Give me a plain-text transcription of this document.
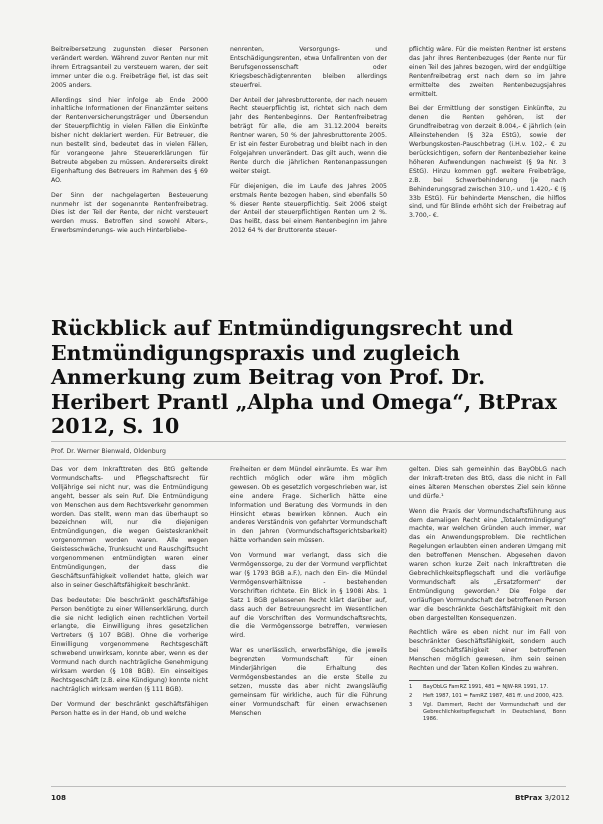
Beitreibersetzung zugunsten dieser Personen verändert werden. Während zuvor Renten nur mit ihrem Ertragsanteil zu versteuern waren, der seit immer unter die o.g. Freibeträge fiel, ist das seit 2005 anders.

Allerdings sind hier infolge ab Ende 2000 inhaltliche Informationen der Finanzämter seitens der Rentenversicherungsträger und Übersendun der Steuerpflichtig in vielen Fällen die Einkünfte bisher nicht deklariert werden. Für Betreuer, die nun bestellt sind, bedeutet das in vielen Fällen, für vorangeone Jahre Steuererklärungen für Betreute abgeben zu müssen. Andererseits direkt Eigenhaftung des Betreuers im Rahmen des § 69 AO.

Der Sinn der nachgelagerten Besteuerung nunmehr ist der sogenannte Rentenfreibetrag. Dies ist der Teil der Rente, der nicht versteuert werden muss. Betroffen sind sowohl Alters-, Erwerbsminderungs- wie auch Hinterbliebe-

nenrenten, Versorgungs- und Entschädigungsrenten, etwa Unfallrenten von der Berufsgenossenschaft oder Kriegsbeschädigtenrenten bleiben allerdings steuerfrei.

Der Anteil der Jahresbruttorente, der nach neuem Recht steuerpflichtig ist, richtet sich nach dem Jahr des Rentenbeginns. Der Rentenfreibetrag beträgt für alle, die am 31.12.2004 bereits Rentner waren, 50 % der Jahresbruttorente 2005. Er ist ein fester Eurobetrag und bleibt nach in den Folgejahren unverändert. Das gilt auch, wenn die Rente durch die jährlichen Rentenanpassungen weiter steigt.

Für diejenigen, die im Laufe des Jahres 2005 erstmals Rente bezogen haben, sind ebenfalls 50 % dieser Rente steuerpflichtig. Seit 2006 steigt der Anteil der steuerpflichtigen Renten um 2 %. Das heißt, dass bei einem Rentenbeginn im Jahre 2012 64 % der Bruttorente steuer-

pflichtig wäre. Für die meisten Rentner ist erstens das Jahr ihres Rentenbezuges (der Rente nur für einen Teil des Jahres bezogen, wird der endgültige Rentenfreibetrag erst nach dem so im Jahre ermittelte des zweiten Rentenbezugsjahres ermittelt.

Bei der Ermittlung der sonstigen Einkünfte, zu denen die Renten gehören, ist der Grundfreibetrag von derzeit 8.004,- € jährlich (ein Alleinstehenden (§ 32a EStG), sowie der Werbungskosten-Pauschbetrag (i.H.v. 102,- € zu berücksichtigen, sofern der Rentenbezieher keine höheren Aufwendungen nachweist (§ 9a Nr. 3 EStG). Hinzu kommen ggf. weitere Freibeträge, z.B. bei Schwerbehinderung (je nach Behinderungsgrad zwischen 310,- und 1.420,- € (§ 33b EStG). Für behinderte Menschen, die hilflos sind, und für Blinde erhöht sich der Freibetrag auf 3.700,- €.

Rückblick auf Entmündigungsrecht und Entmündigungspraxis und zugleich Anmerkung zum Beitrag von Prof. Dr. Heribert Prantl „Alpha und Omega“, BtPrax 2012, S. 10
Prof. Dr. Werner Bienwald, Oldenburg

Das vor dem Inkrafttreten des BtG geltende Vormundschafts- und Pflegschaftsrecht für Volljährige sei nicht nur, was die Entmündigung angeht, besser als sein Ruf. Die Entmündigung von Menschen aus dem Rechtsverkehr genommen worden. Das stellt, wenn man das überhaupt so bezeichnen will, nur die diejenigen Entmündigungen, die wegen Geisteskrankheit vorgenommen worden waren. Alle wegen Geistesschwäche, Trunksucht und Rauschgiftsucht vorgenommenen entmündigten waren einer Entmündigungen, der dass die Geschäftsunfähigkeit vollendet hatte, gleich war also in seiner Geschäftsfähigkeit beschränkt.

Das bedeutete: Die beschränkt geschäftsfähige Person benötigte zu einer Willenserklärung, durch die sie nicht lediglich einen rechtlichen Vorteil erlangte, die Einwilligung ihres gesetzlichen Vertreters (§ 107 BGB). Ohne die vorherige Einwilligung vorgenommene Rechtsgeschäft schwebend unwirksam, konnte aber, wenn es der Vormund nach durch nachträgliche Genehmigung wirksam werden (§ 108 BGB). Ein einseitiges Rechtsgeschäft (z.B. eine Kündigung) konnte nicht nachträglich wirksam werden (§ 111 BGB).

Der Vormund der beschränkt geschäftsfähigen Person hatte es in der Hand, ob und welche

Freiheiten er dem Mündel einräumte. Es war ihm rechtlich möglich oder wäre ihm möglich gewesen. Ob es gesetzlich vorgeschrieben war, ist eine andere Frage. Sicherlich hätte eine Information und Beratung des Vormunds in den Hinsicht etwas bewirken können. Auch ein anderes Verständnis von gefahrter Vormundschaft in den Jahren (Vormundschaftsgerichtsbarkeit) hätte vorhanden sein müssen.

Von Vormund war verlangt, dass sich die Vermögenssorge, zu der der Vormund verpflichtet war (§ 1793 BGB a.F.), nach den Ein- die Mündel Vermögensverhältnisse - bestehenden Vorschriften richtete. Ein Blick in § 1908i Abs. 1 Satz 1 BGB gelassenen Recht klärt darüber auf, dass auch der Betreuungsrecht im Wesentlichen auf die Vorschriften des Vormundschaftsrechts, die die Vermögenssorge betreffen, verwiesen wird.

War es unerlässlich, erwerbsfähige, die jeweils begrenzten Vormundschaft für einen Minderjährigen die Erhaltung des Vermögensbestandes an die erste Stelle zu setzen, musste das aber nicht zwangsläufig gemeinsam für wirkliche, auch für die Führung einer Vormundschaft für einen erwachsenen Menschen

gelten. Dies sah gemeinhin das BayObLG nach der Inkraft-treten des BtG, dass die nicht in Fall eines älteren Menschen oberstes Ziel sein könne und dürfe.¹

Wenn die Praxis der Vormundschaftsführung aus dem damaligen Recht eine „Totalentmündigung“ machte, war welchen Gründen auch immer, war das ein Anwendungsproblem. Die rechtlichen Regelungen erlaubten einen anderen Umgang mit den betroffenen Menschen. Abgesehen davon waren schon kurze Zeit nach Inkrafttreten die Gebrechlichkeitspflegschaft und die vorläufige Vormundschaft als „Ersatzformen“ der Entmündigung geworden.² Die Folge der vorläufigen Vormundschaft der betroffenen Person war die beschränkte Geschäftsfähigkeit mit den oben dargestellten Konsequenzen.

Rechtlich wäre es eben nicht nur im Fall von beschränkter Geschäftsfähigkeit, sondern auch bei Geschäftsfähigkeit einer betroffenen Menschen möglich gewesen, ihm sein seinen Rechten und der Taten Kollen Kindes zu wahren.

1	BayObLG FamRZ 1991, 481 = NJW-RR 1991, 17.
2	Heft 1987, 101 = FamRZ 1987, 481 ff. und 2000, 423.
3	Vgl. Dammert, Recht der Vormundschaft und der Gebrechlichkeitspflegschaft in Deutschland, Bonn 1986.
108	BtPrax 3/2012
